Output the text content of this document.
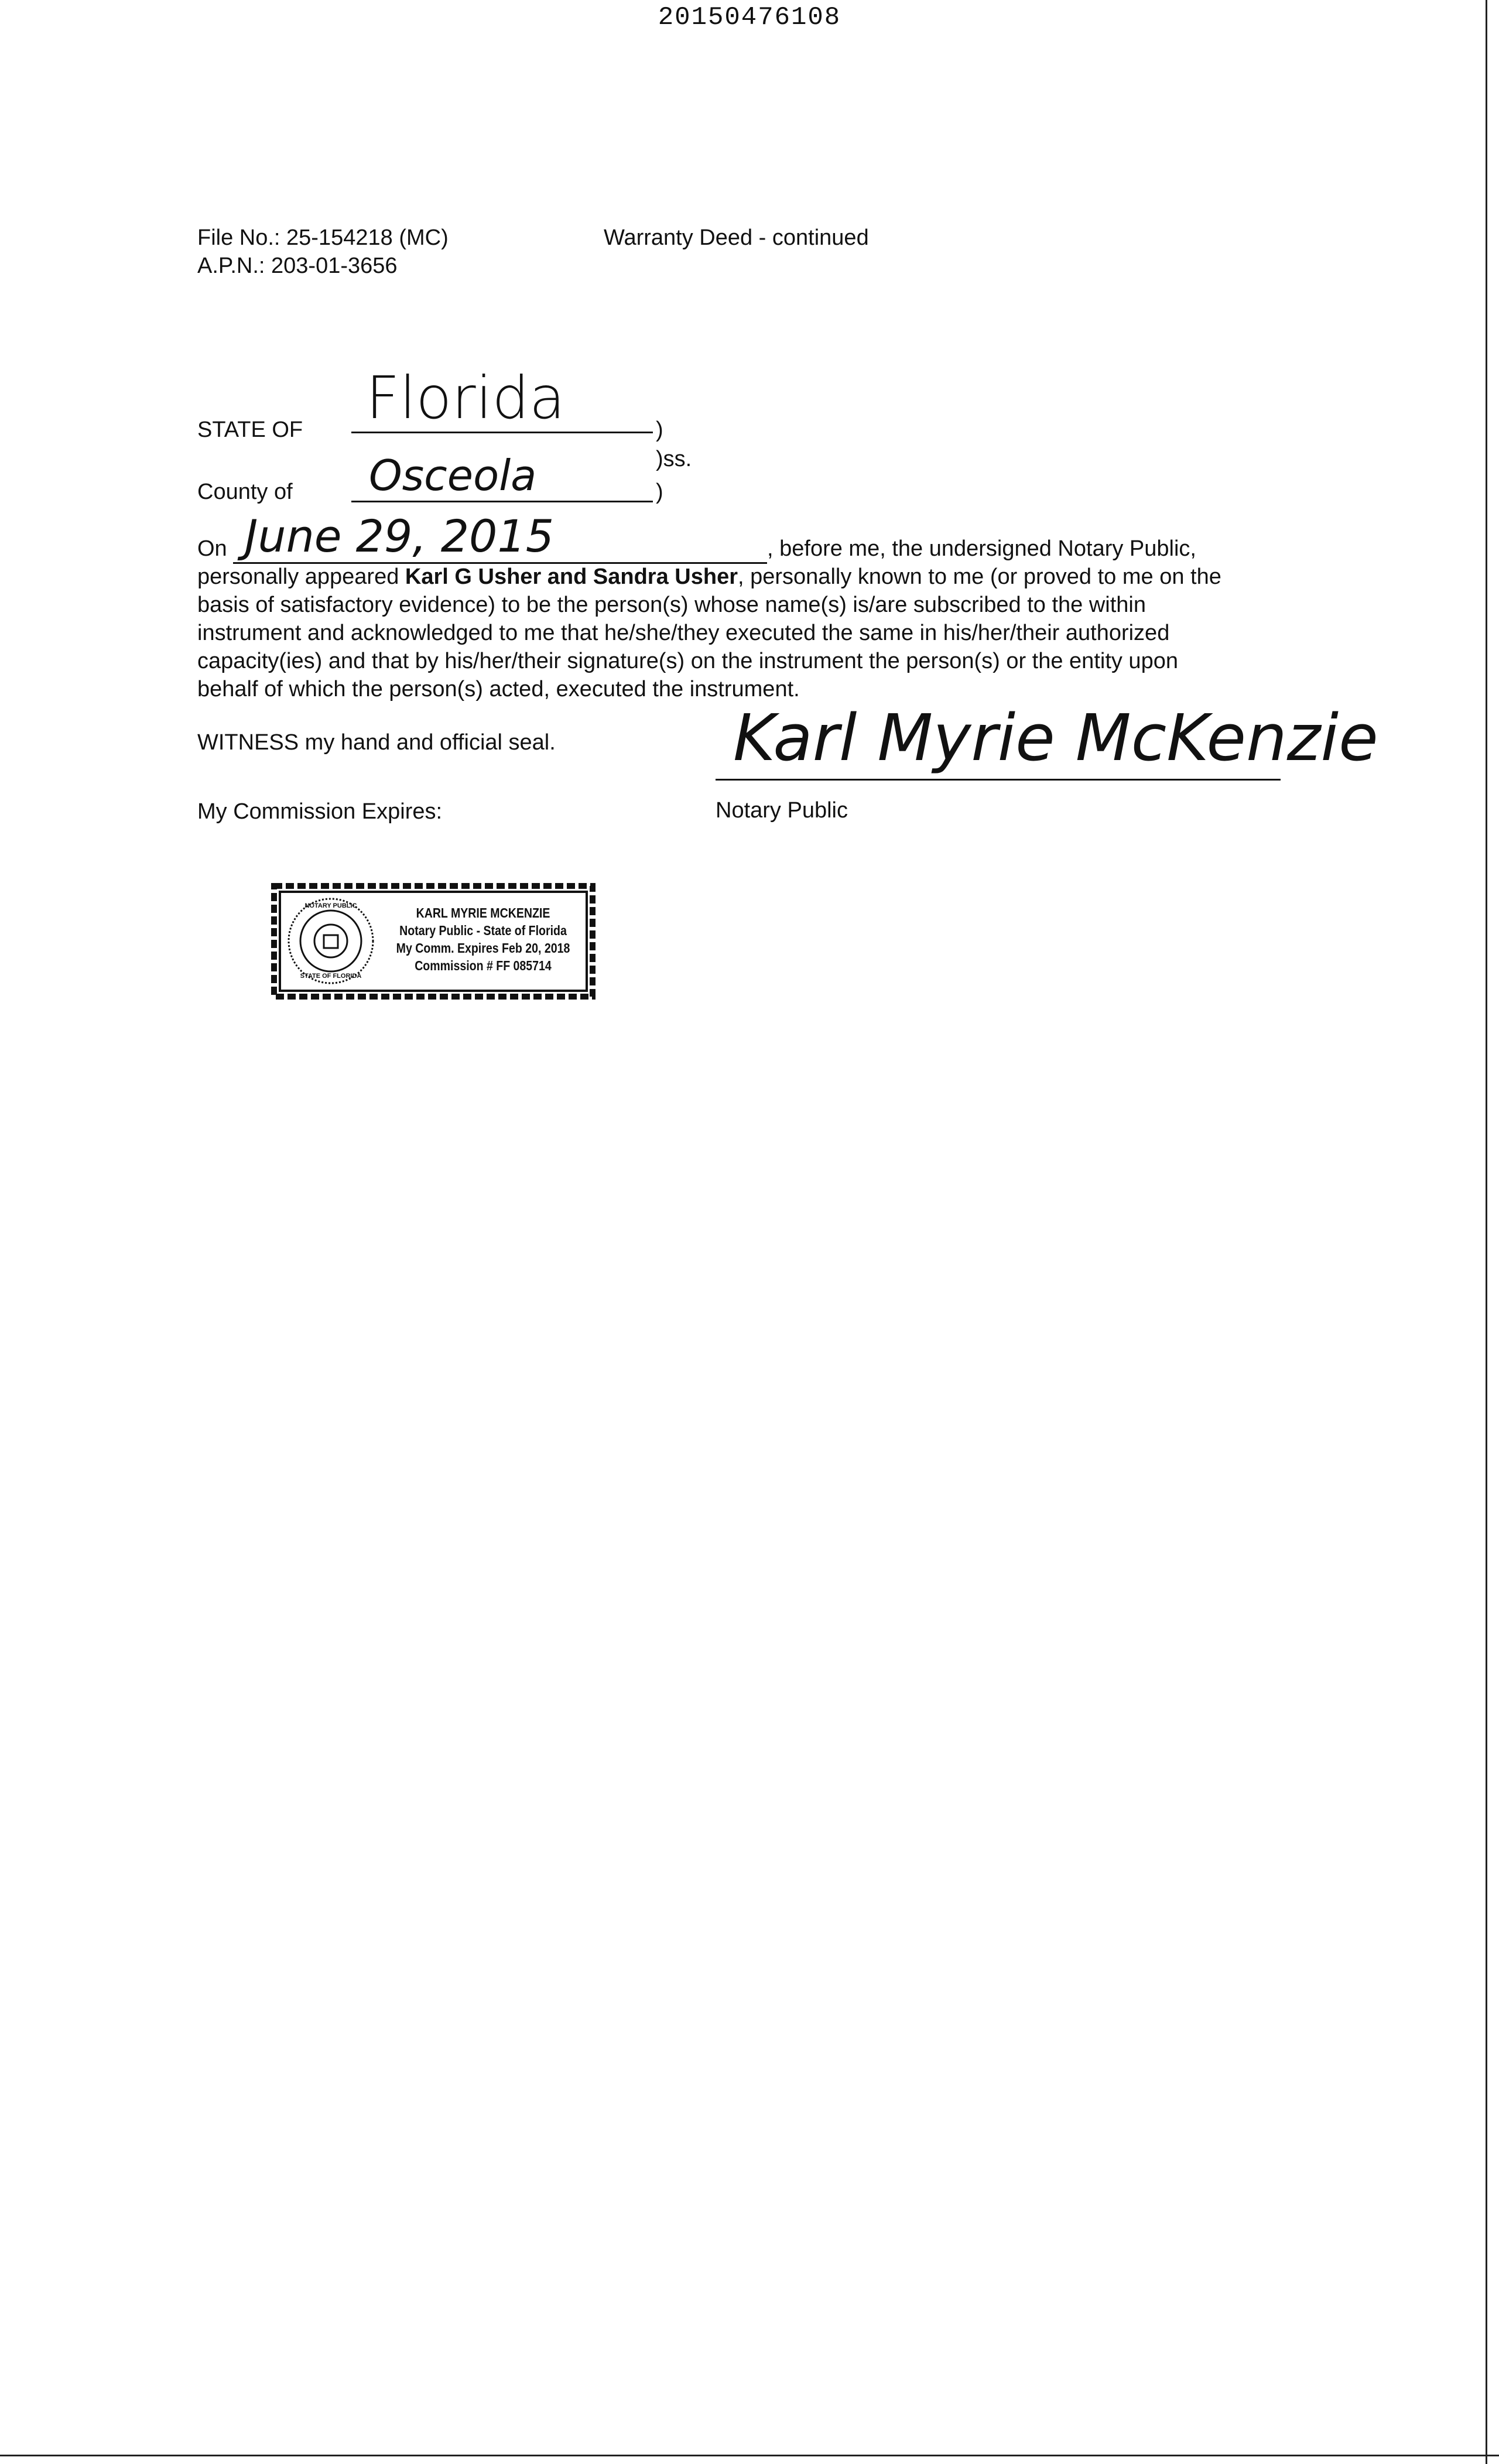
20150476108
File No.: 25-154218 (MC)
A.P.N.: 203-01-3656
Warranty Deed - continued
STATE OF Florida	)
)ss.
County of Osceola	)
On June 29, 2015	, before me, the undersigned Notary Public,
personally appeared Karl G Usher and Sandra Usher, personally known to me (or proved to me on the basis of satisfactory evidence) to be the person(s) whose name(s) is/are subscribed to the within instrument and acknowledged to me that he/she/they executed the same in his/her/their authorized capacity(ies) and that by his/her/their signature(s) on the instrument the person(s) or the entity upon behalf of which the person(s) acted, executed the instrument.
WITNESS my hand and official seal.
My Commission Expires:
Karl Myrie McKenzie
Notary Public
NOTARY PUBLIC
STATE OF FLORIDA
KARL MYRIE MCKENZIE
Notary Public - State of Florida
My Comm. Expires Feb 20, 2018
Commission # FF 085714
